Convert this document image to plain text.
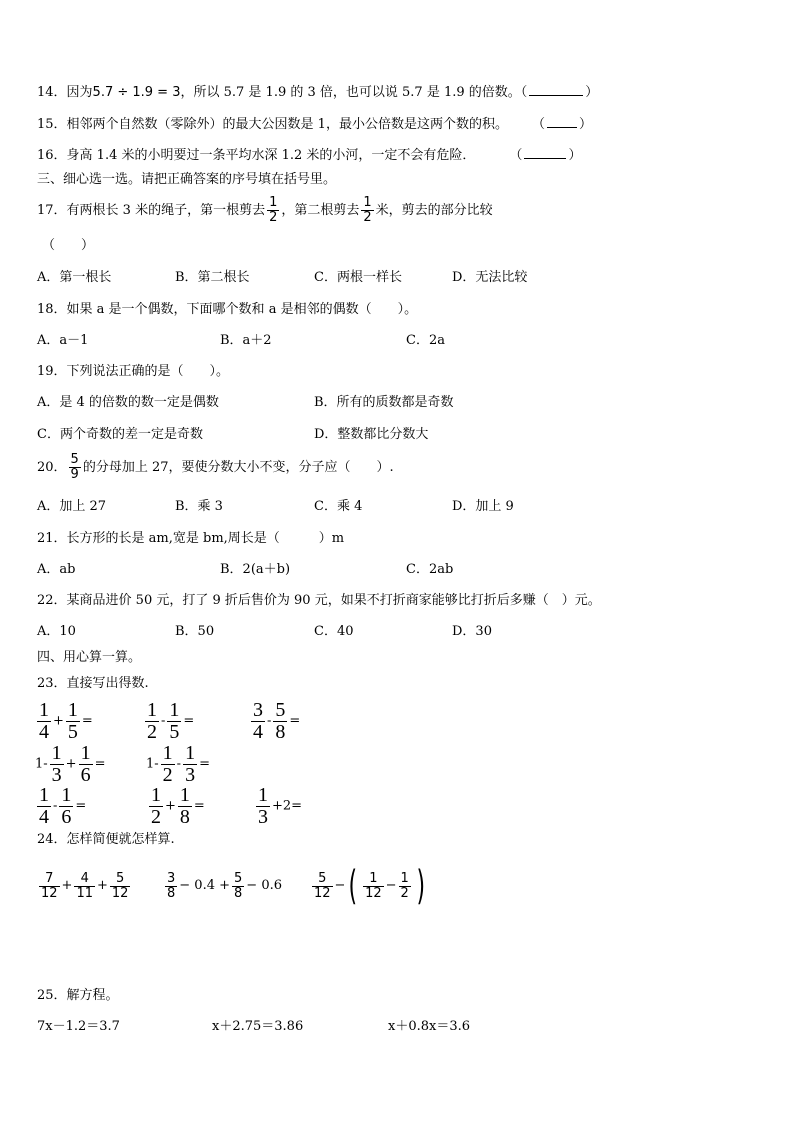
14．因为5.7 ÷ 1.9 = 3，所以 5.7 是 1.9 的 3 倍，也可以说 5.7 是 1.9 的倍数。（	）
15．相邻两个自然数（零除外）的最大公因数是 1，最小公倍数是这两个数的积。 （	）
16．身高 1.4 米的小明要过一条平均水深 1.2 米的小河，一定不会有危险．	（	）
三、细心选一选。请把正确答案的序号填在括号里。
17．有两根长 3 米的绳子，第一根剪去 $\frac{1}{2}$ ，第二根剪去 $\frac{1}{2}$ 米，剪去的部分比较
（　　）
A．第一根长	B．第二根长	C．两根一样长	D．无法比较
18．如果 a 是一个偶数，下面哪个数和 a 是相邻的偶数（　　）。
A．a－1	B．a＋2	C．2a
19．下列说法正确的是（　　）。
A．是 4 的倍数的数一定是偶数	B．所有的质数都是奇数
C．两个奇数的差一定是奇数	D．整数都比分数大
20． $\frac{5}{9}$ 的分母加上 27，要使分数大小不变，分子应（　　）.
A．加上 27	B．乘 3	C．乘 4	D．加上 9
21．长方形的长是 am,宽是 bm,周长是（　　　）m
A．ab	B．2(a＋b)	C．2ab
22．某商品进价 50 元，打了 9 折后售价为 90 元，如果不打折商家能够比打折后多赚（　）元。
A．10	B．50	C．40	D．30
四、用心算一算。
23．直接写出得数.
$\frac{1}{4} + \frac{1}{5}$ =	$\frac{1}{2} - \frac{1}{5}$ =	$\frac{3}{4} - \frac{5}{8}$ =
$1- \frac{1}{3} + \frac{1}{6}$ =	$1- \frac{1}{2} - \frac{1}{3}$ =
$\frac{1}{4} - \frac{1}{6}$ =	$\frac{1}{2} + \frac{1}{8}$ =	$\frac{1}{3} +2=$
24．怎样简便就怎样算.
$\frac{7}{12} + \frac{4}{11} + \frac{5}{12}$	$\frac{3}{8} - 0.4 + \frac{5}{8} - 0.6 \frac{5}{12}$ −( $\frac{1}{12} - \frac{1}{2}$ )
25．解方程。
7x－1.2＝3.7	x＋2.75＝3.86	x＋0.8x＝3.6
